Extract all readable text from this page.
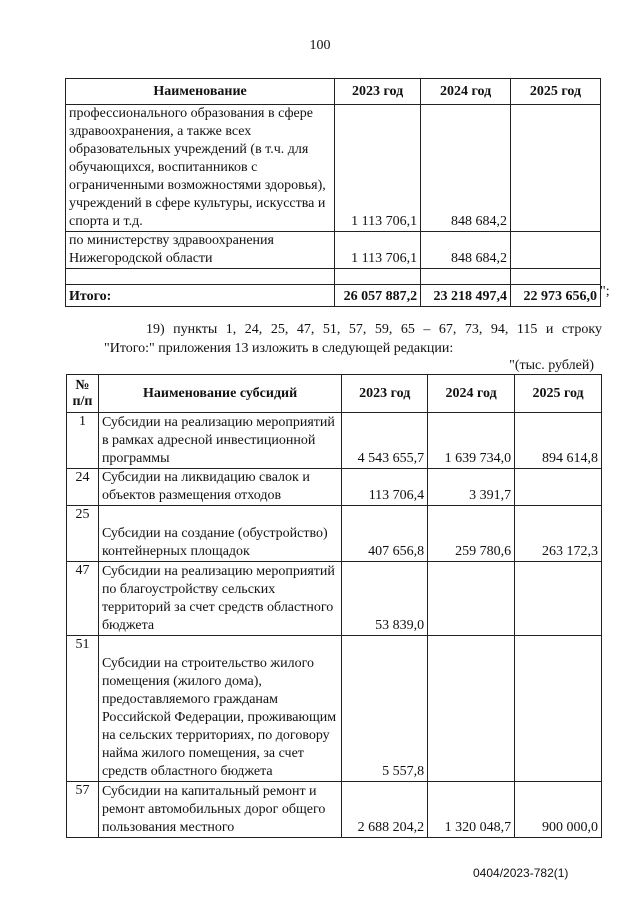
100
Наименование	2023 год	2024 год	2025 год
профессионального образования в сфере здравоохранения, а также всех образовательных учреждений (в т.ч. для обучающихся, воспитанников с ограниченными возможностями здоровья), учреждений в сфере культуры, искусства и спорта и т.д.	1 113 706,1	848 684,2	
по министерству здравоохранения Нижегородской области	1 113 706,1	848 684,2	

Итого:	26 057 887,2	23 218 497,4	22 973 656,0 ";
19) пункты 1, 24, 25, 47, 51, 57, 59, 65 – 67, 73, 94, 115 и строку
"Итого:" приложения 13 изложить в следующей редакции:
"(тыс. рублей)
№ п/п	Наименование субсидий	2023 год	2024 год	2025 год
1	Субсидии на реализацию мероприятий в рамках адресной инвестиционной программы	4 543 655,7	1 639 734,0	894 614,8
24	Субсидии на ликвидацию свалок и объектов размещения отходов	113 706,4	3 391,7	
25	Субсидии на создание (обустройство) контейнерных площадок	407 656,8	259 780,6	263 172,3
47	Субсидии на реализацию мероприятий по благоустройству сельских территорий за счет средств областного бюджета	53 839,0		
51	Субсидии на строительство жилого помещения (жилого дома), предоставляемого гражданам Российской Федерации, проживающим на сельских территориях, по договору найма жилого помещения, за счет средств областного бюджета	5 557,8		
57	Субсидии на капитальный ремонт и ремонт автомобильных дорог общего пользования местного	2 688 204,2	1 320 048,7	900 000,0
0404/2023-782(1)
